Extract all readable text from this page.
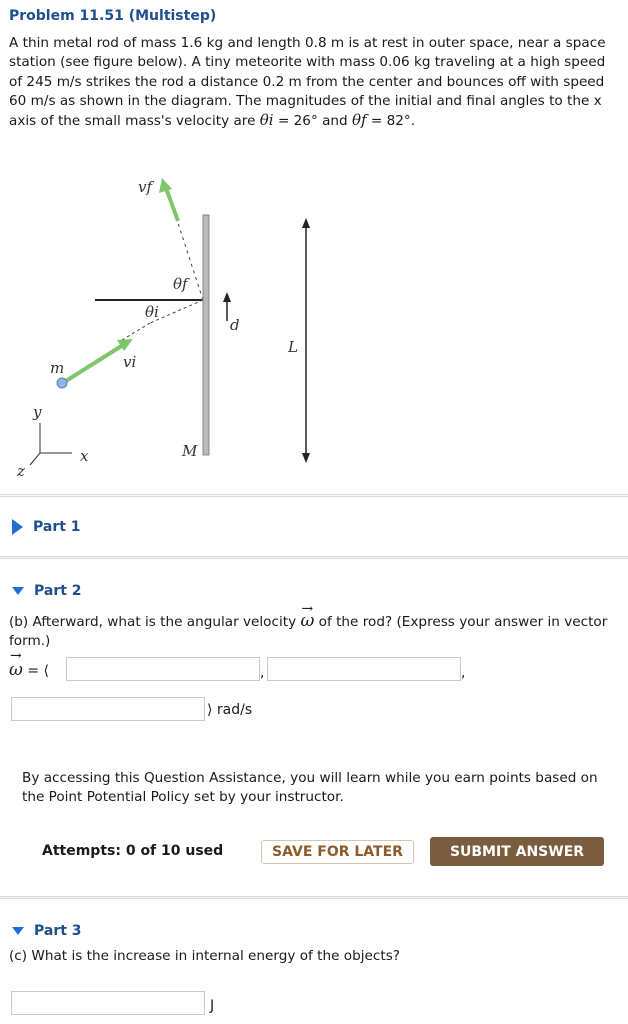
Problem 11.51 (Multistep)

A thin metal rod of mass 1.6 kg and length 0.8 m is at rest in outer space, near a space station (see figure below). A tiny meteorite with mass 0.06 kg traveling at a high speed of 245 m/s strikes the rod a distance 0.2 m from the center and bounces off with speed 60 m/s as shown in the diagram. The magnitudes of the initial and final angles to the x axis of the small mass's velocity are θi = 26° and θf = 82°.

vf
θf
θi
d
L
m	vi
y
x
z
M
Part 1
Part 2

(b) Afterward, what is the angular velocity → ω of the rod? (Express your answer in vector form.)

→ ω = ⟨	,	,
⟩ rad/s

By accessing this Question Assistance, you will learn while you earn points based on the Point Potential Policy set by your instructor.

Attempts: 0 of 10 used	SAVE FOR LATER	SUBMIT ANSWER
Part 3

(c) What is the increase in internal energy of the objects?

J
